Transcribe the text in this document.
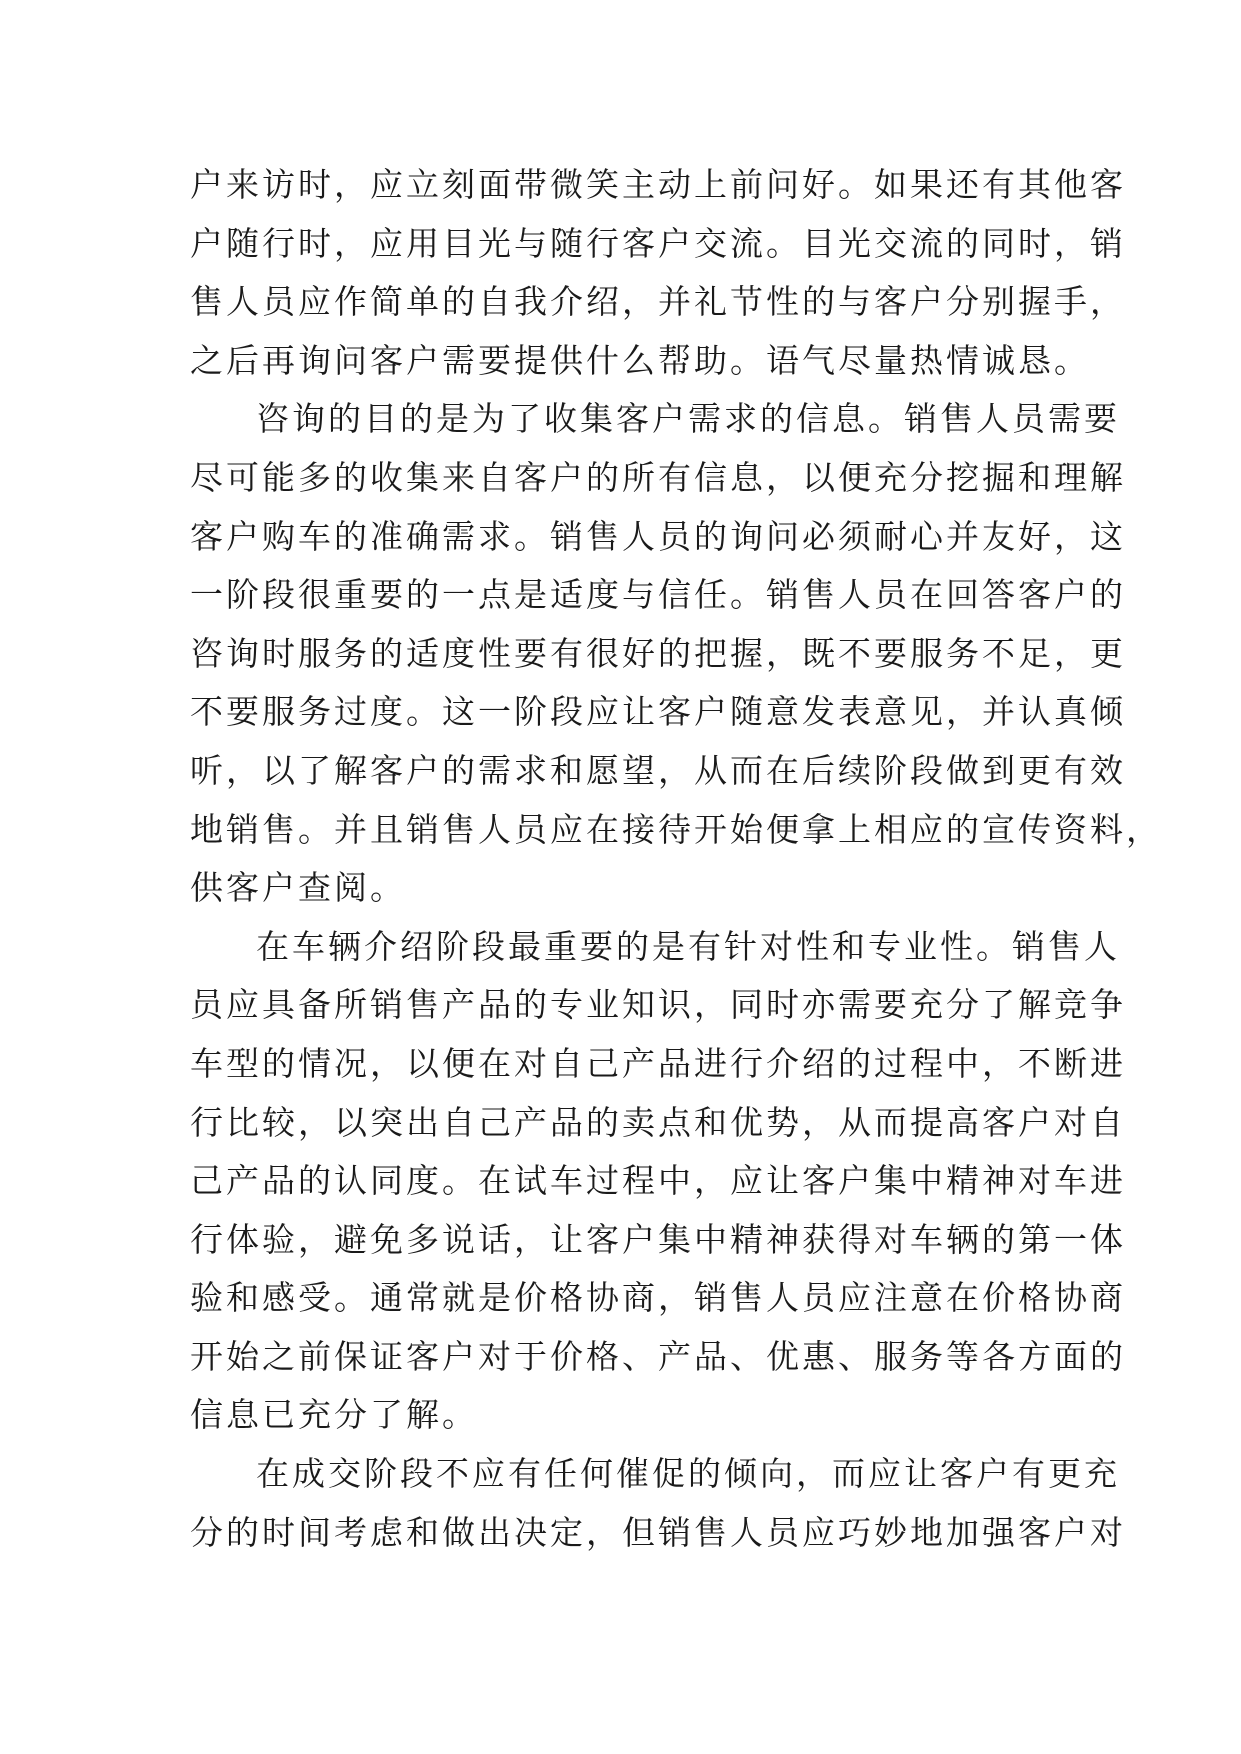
户来访时，应立刻面带微笑主动上前问好。如果还有其他客
户随行时，应用目光与随行客户交流。目光交流的同时，销
售人员应作简单的自我介绍，并礼节性的与客户分别握手，
之后再询问客户需要提供什么帮助。语气尽量热情诚恳。
咨询的目的是为了收集客户需求的信息。销售人员需要
尽可能多的收集来自客户的所有信息，以便充分挖掘和理解
客户购车的准确需求。销售人员的询问必须耐心并友好，这
一阶段很重要的一点是适度与信任。销售人员在回答客户的
咨询时服务的适度性要有很好的把握，既不要服务不足，更
不要服务过度。这一阶段应让客户随意发表意见，并认真倾
听，以了解客户的需求和愿望，从而在后续阶段做到更有效
地销售。并且销售人员应在接待开始便拿上相应的宣传资料，
供客户查阅。
在车辆介绍阶段最重要的是有针对性和专业性。销售人
员应具备所销售产品的专业知识，同时亦需要充分了解竞争
车型的情况，以便在对自己产品进行介绍的过程中，不断进
行比较，以突出自己产品的卖点和优势，从而提高客户对自
己产品的认同度。在试车过程中，应让客户集中精神对车进
行体验，避免多说话，让客户集中精神获得对车辆的第一体
验和感受。通常就是价格协商，销售人员应注意在价格协商
开始之前保证客户对于价格、产品、优惠、服务等各方面的
信息已充分了解。
在成交阶段不应有任何催促的倾向，而应让客户有更充
分的时间考虑和做出决定，但销售人员应巧妙地加强客户对
